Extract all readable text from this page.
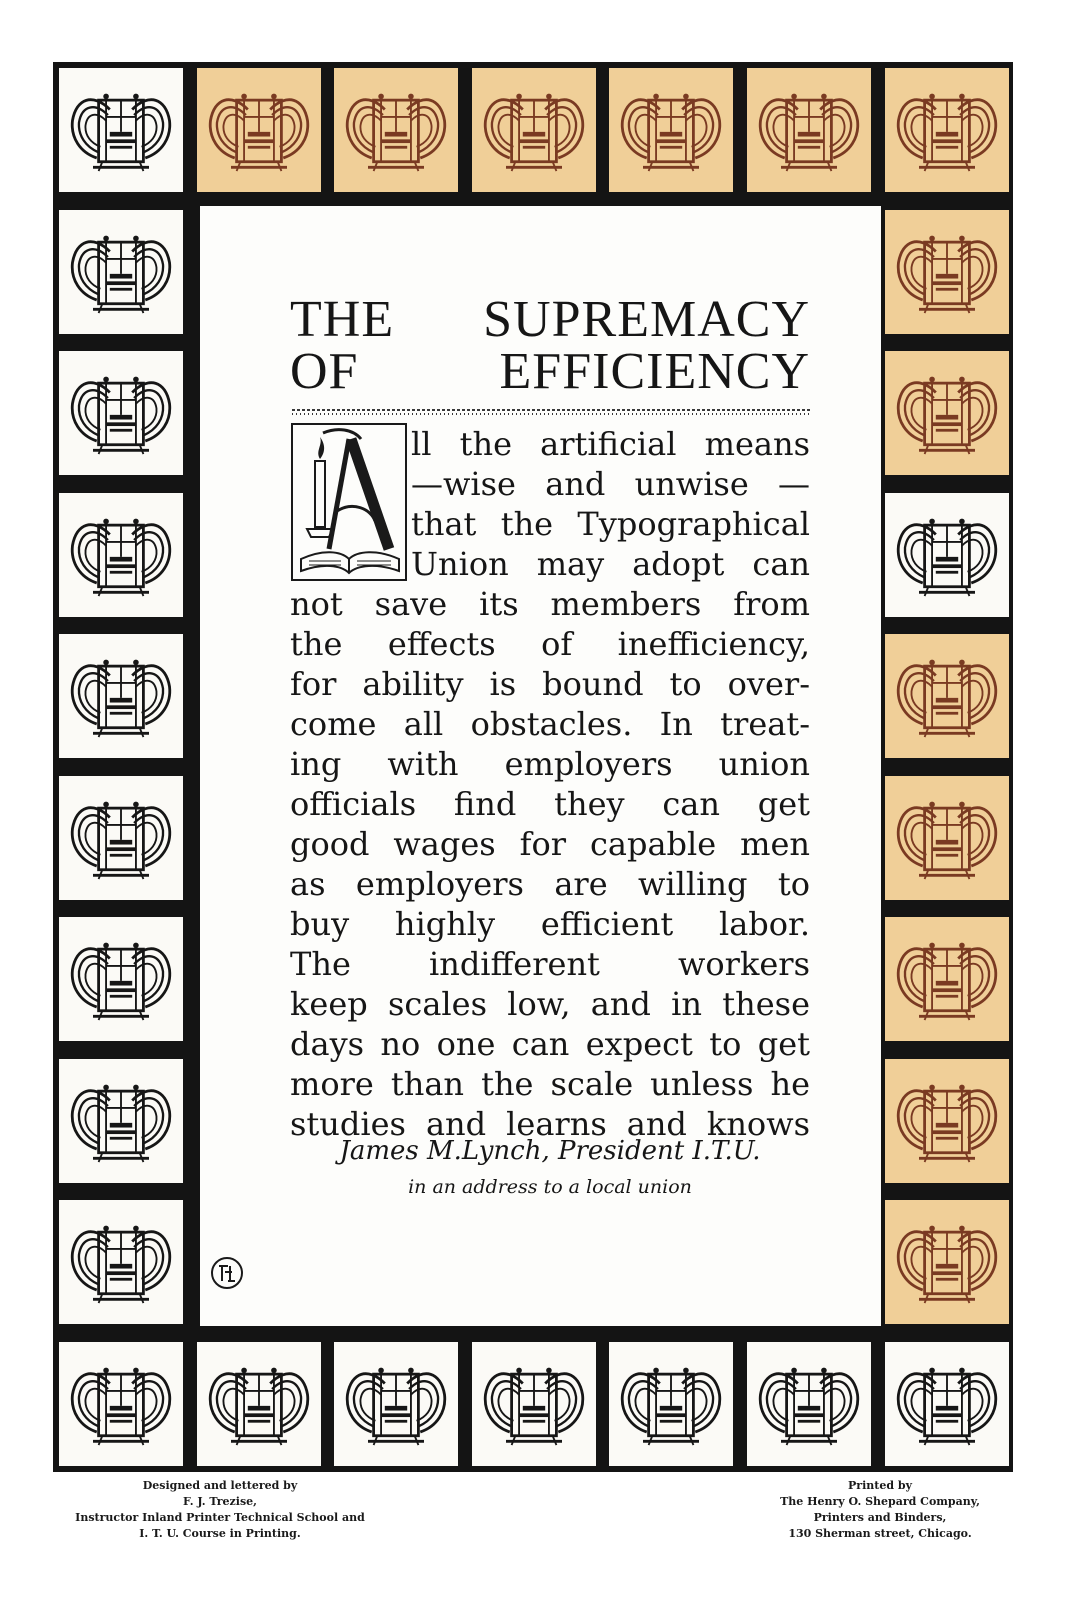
THE SUPREMACY
OF EFFICIENCY
James M.Lynch, President I.T.U.
in an address to a local union
ll the artificial means
—wise and unwise —
that the Typographical
Union may adopt can
not save its members from
the effects of inefficiency,
for ability is bound to over-
come all obstacles. In treat-
ing with employers union
officials find they can get
good wages for capable men
as employers are willing to
buy highly efficient labor.
The indifferent workers
keep scales low, and in these
days no one can expect to get
more than the scale unless he
studies and learns and knows
Designed and lettered by
F. J. Trezise,
Instructor Inland Printer Technical School and
I. T. U. Course in Printing.
Printed by
The Henry O. Shepard Company,
Printers and Binders,
130 Sherman street, Chicago.
